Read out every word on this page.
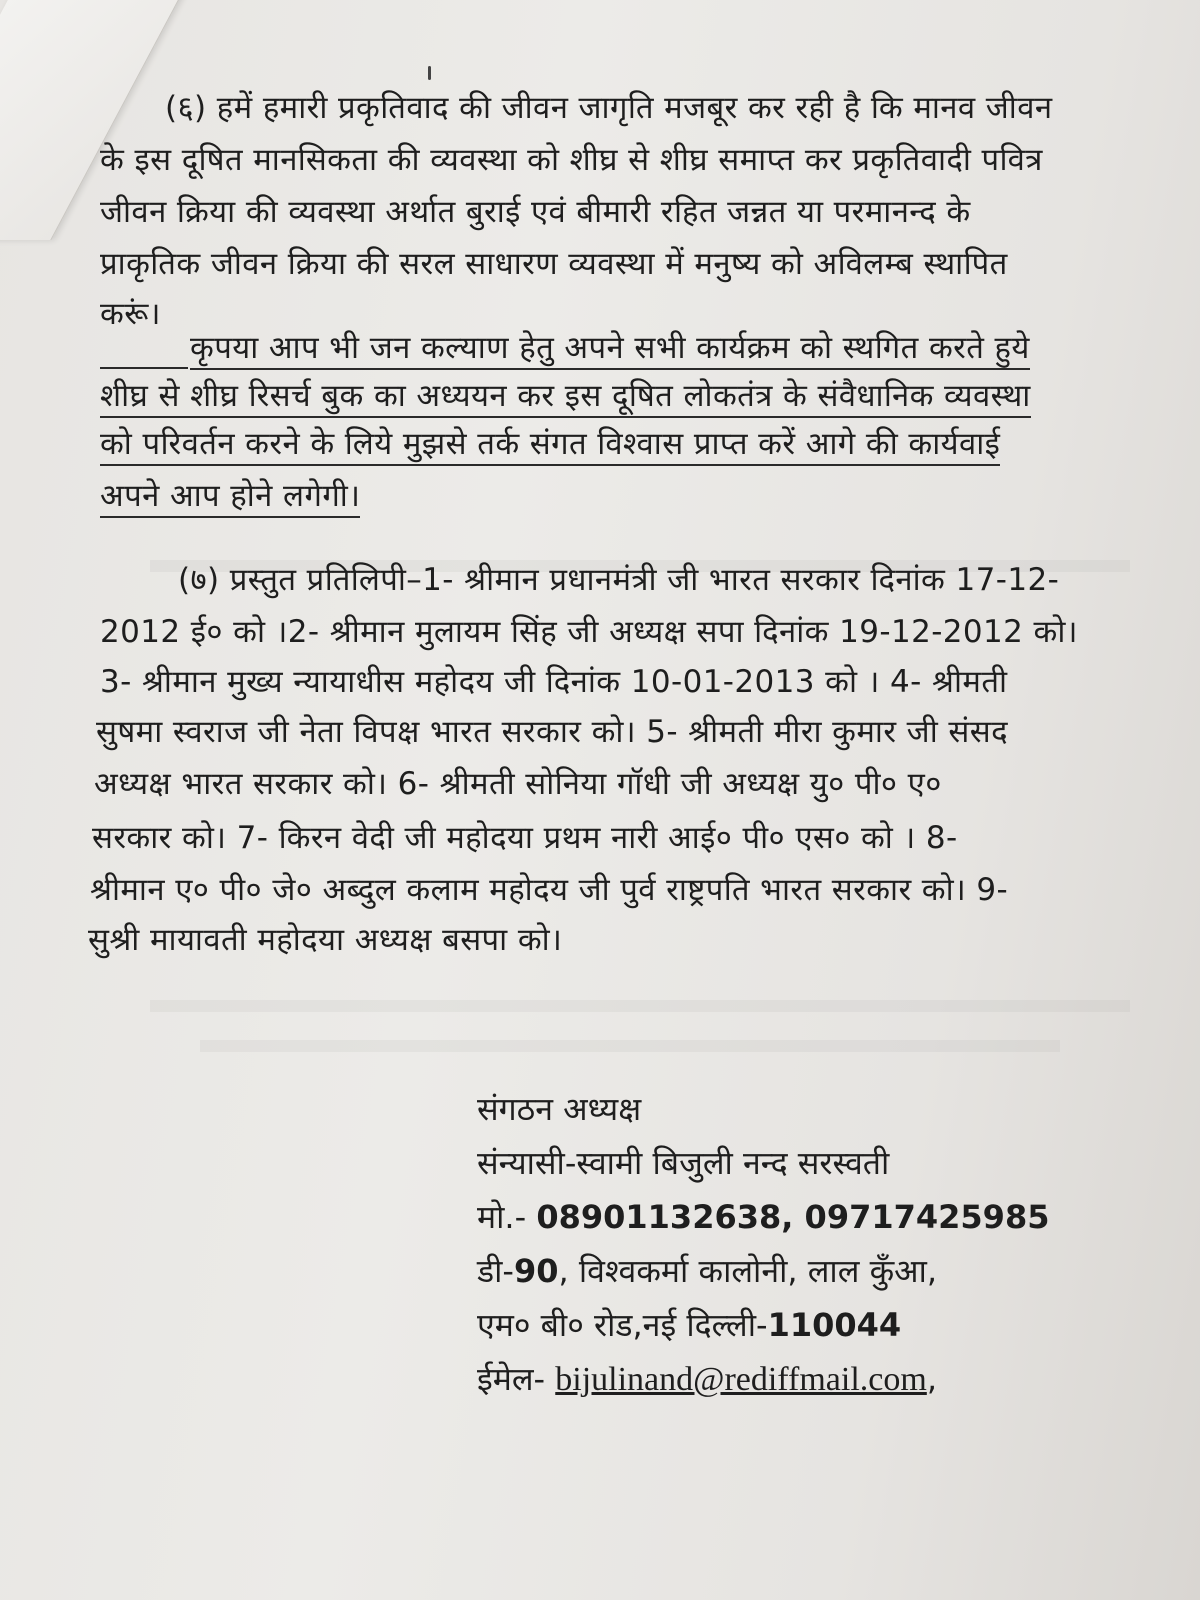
(६) हमें हमारी प्रकृतिवाद की जीवन जागृति मजबूर कर रही है कि मानव जीवन
के इस दूषित मानसिकता की व्यवस्था को शीघ्र से शीघ्र समाप्त कर प्रकृतिवादी पवित्र
जीवन क्रिया की व्यवस्था अर्थात बुराई एवं बीमारी रहित जन्नत या परमानन्द के
प्राकृतिक जीवन क्रिया की सरल साधारण व्यवस्था में मनुष्य को अविलम्ब स्थापित
करूं।
कृपया आप भी जन कल्याण हेतु अपने सभी कार्यक्रम को स्थगित करते हुये
शीघ्र से शीघ्र रिसर्च बुक का अध्ययन कर इस दूषित लोकतंत्र के संवैधानिक व्यवस्था
को परिवर्तन करने के लिये मुझसे तर्क संगत विश्वास प्राप्त करें आगे की कार्यवाई
अपने आप होने लगेगी।
(७) प्रस्तुत प्रतिलिपी–1- श्रीमान प्रधानमंत्री जी भारत सरकार दिनांक 17-12-
2012 ई० को ।2- श्रीमान मुलायम सिंह जी अध्यक्ष सपा दिनांक 19-12-2012 को।
3- श्रीमान मुख्य न्यायाधीस महोदय जी दिनांक 10-01-2013 को । 4- श्रीमती
सुषमा स्वराज जी नेता विपक्ष भारत सरकार को। 5- श्रीमती मीरा कुमार जी संसद
अध्यक्ष भारत सरकार को। 6- श्रीमती सोनिया गॉधी जी अध्यक्ष यु० पी० ए०
सरकार को। 7- किरन वेदी जी महोदया प्रथम नारी आई० पी० एस० को । 8-
श्रीमान ए० पी० जे० अब्दुल कलाम महोदय जी पुर्व राष्ट्रपति भारत सरकार को। 9-
सुश्री मायावती महोदया अध्यक्ष बसपा को।
संगठन अध्यक्ष
संन्यासी-स्वामी बिजुली नन्द सरस्वती
मो.- 08901132638, 09717425985
डी-90, विश्वकर्मा कालोनी, लाल कुँआ,
एम० बी० रोड,नई दिल्ली-110044
ईमेल- bijulinand@rediffmail.com,
